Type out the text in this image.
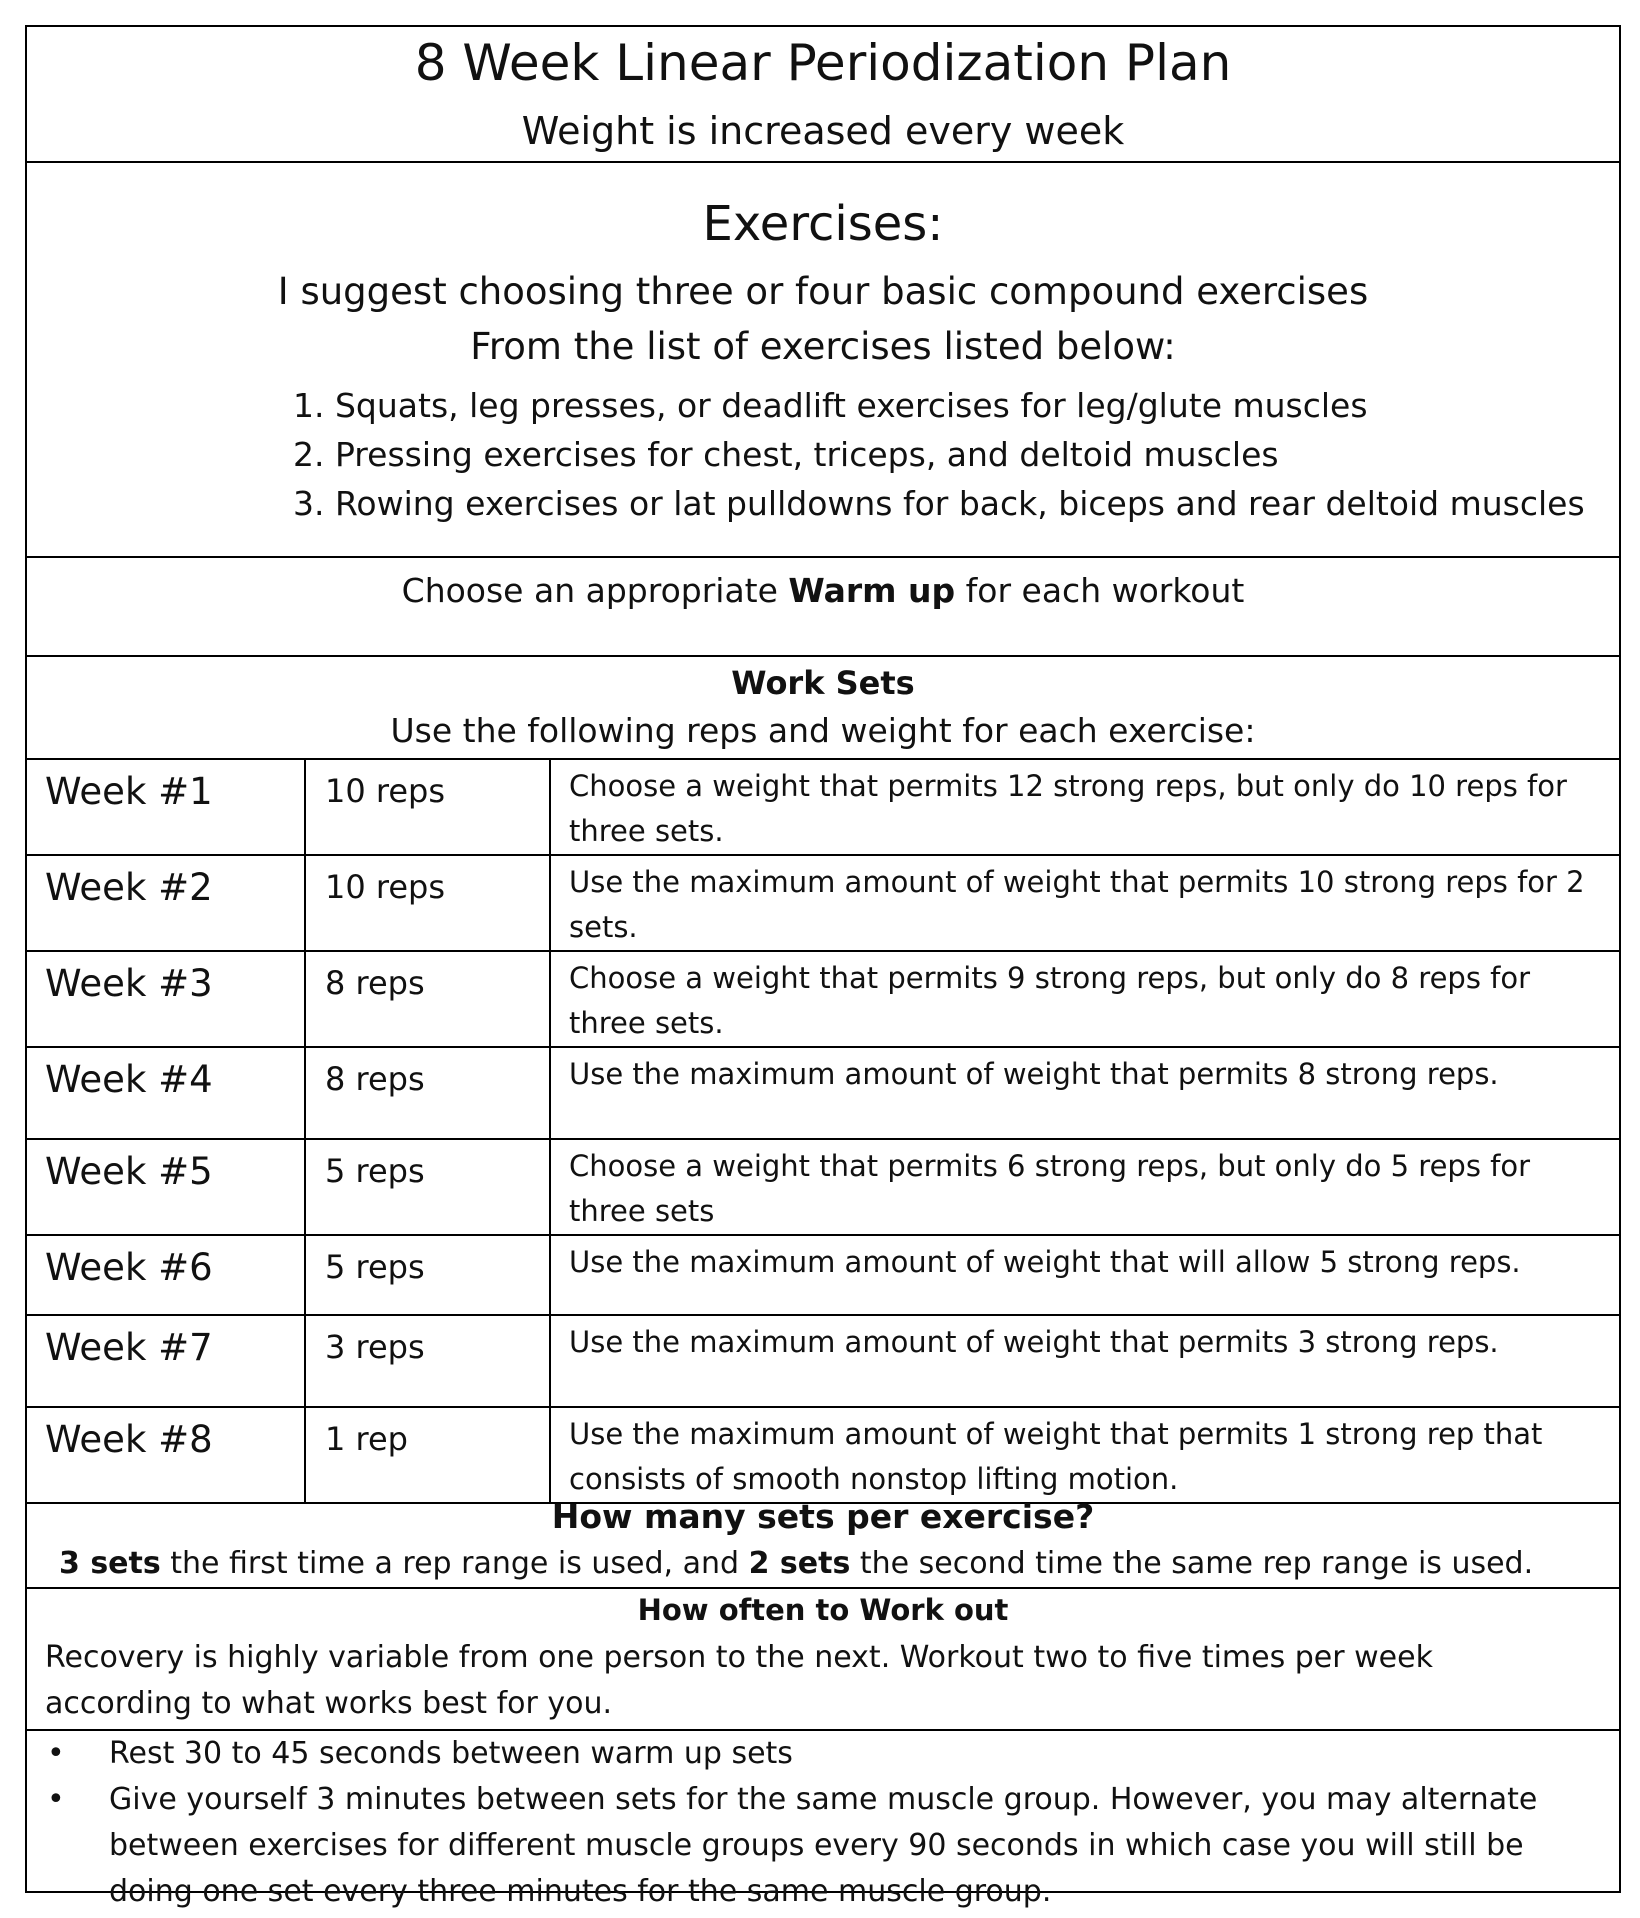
8 Week Linear Periodization Plan
Weight is increased every week
Exercises:
I suggest choosing three or four basic compound exercises
From the list of exercises listed below:
1. Squats, leg presses, or deadlift exercises for leg/glute muscles
2. Pressing exercises for chest, triceps, and deltoid muscles
3. Rowing exercises or lat pulldowns for back, biceps and rear deltoid muscles
Choose an appropriate Warm up for each workout
Work Sets
Use the following reps and weight for each exercise:
Week #1	10 reps	Choose a weight that permits 12 strong reps, but only do 10 reps for three sets.
Week #2	10 reps	Use the maximum amount of weight that permits 10 strong reps for 2 sets.
Week #3	8 reps	Choose a weight that permits 9 strong reps, but only do 8 reps for three sets.
Week #4	8 reps	Use the maximum amount of weight that permits 8 strong reps.
Week #5	5 reps	Choose a weight that permits 6 strong reps, but only do 5 reps for three sets
Week #6	5 reps	Use the maximum amount of weight that will allow 5 strong reps.
Week #7	3 reps	Use the maximum amount of weight that permits 3 strong reps.
Week #8	1 rep	Use the maximum amount of weight that permits 1 strong rep that consists of smooth nonstop lifting motion.
How many sets per exercise?
3 sets the first time a rep range is used, and 2 sets the second time the same rep range is used.
How often to Work out
Recovery is highly variable from one person to the next. Workout two to five times per week according to what works best for you.
• Rest 30 to 45 seconds between warm up sets
• Give yourself 3 minutes between sets for the same muscle group. However, you may alternate between exercises for different muscle groups every 90 seconds in which case you will still be doing one set every three minutes for the same muscle group.
